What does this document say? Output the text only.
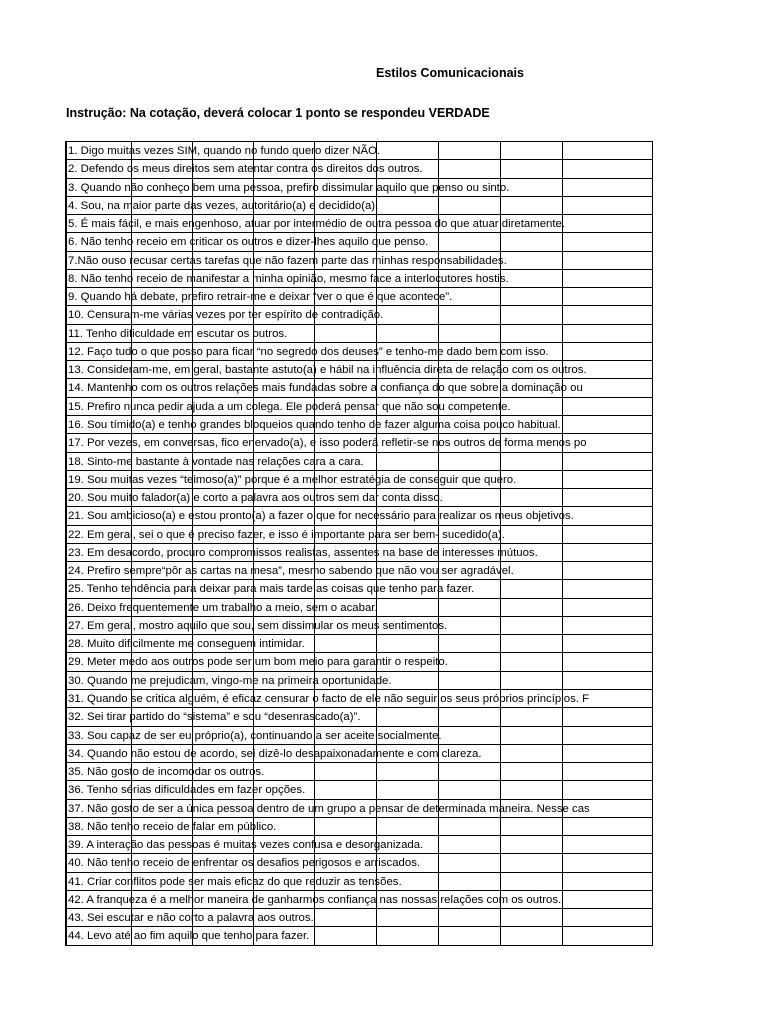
Estilos Comunicacionais
Instrução: Na cotação, deverá colocar 1 ponto se respondeu VERDADE
1. Digo muitas vezes SIM, quando no fundo quero dizer NÃO.
2. Defendo os meus direitos sem atentar contra os direitos dos outros.
3. Quando não conheço bem uma pessoa, prefiro dissimular aquilo que penso ou sinto.
4. Sou, na maior parte das vezes, autoritário(a) e decidido(a).
5. É mais fácil, e mais engenhoso, atuar por intermédio de outra pessoa do que atuar diretamente.
6. Não tenho receio em criticar os outros e dizer-lhes aquilo que penso.
7.Não ouso recusar certas tarefas que não fazem parte das minhas responsabilidades.
8. Não tenho receio de manifestar a minha opinião, mesmo face a interlocutores hostis.
9. Quando há debate, prefiro retrair-me e deixar “ver o que é que acontece”.
10. Censuram-me várias vezes por ter espírito de contradição.
11. Tenho dificuldade em escutar os outros.
12. Faço tudo o que posso para ficar “no segredo dos deuses” e tenho-me dado bem com isso.
13. Consideram-me, em geral, bastante astuto(a) e hábil na influência direta de relação com os outros.
14. Mantenho com os outros relações mais fundadas sobre a confiança do que sobre a dominação ou
15. Prefiro nunca pedir ajuda a um colega. Ele poderá pensar que não sou competente.
16. Sou tímido(a) e tenho grandes bloqueios quando tenho de fazer alguma coisa pouco habitual.
17. Por vezes, em conversas, fico enervado(a), e isso poderá refletir-se nos outros de forma menos po
18. Sinto-me bastante à vontade nas relações cara a cara.
19. Sou muitas vezes “teimoso(a)” porque é a melhor estratégia de conseguir que quero.
20. Sou muito falador(a) e corto a palavra aos outros sem dar conta disso.
21. Sou ambicioso(a) e estou pronto(a) a fazer o que for necessário para realizar os meus objetivos.
22. Em geral, sei o que é preciso fazer, e isso é importante para ser bem- sucedido(a).
23. Em desacordo, procuro compromissos realistas, assentes na base de interesses mútuos.
24. Prefiro sempre“pôr as cartas na mesa”, mesmo sabendo que não vou ser agradável.
25. Tenho tendência para deixar para mais tarde as coisas que tenho para fazer.
26. Deixo frequentemente um trabalho a meio, sem o acabar.
27. Em geral, mostro aquilo que sou, sem dissimular os meus sentimentos.
28. Muito dificilmente me conseguem intimidar.
29. Meter medo aos outros pode ser um bom meio para garantir o respeito.
30. Quando me prejudicam, vingo-me na primeira oportunidade.
31. Quando se critica alguém, é eficaz censurar o facto de ele não seguir os seus próprios princípios. F
32. Sei tirar partido do “sistema” e sou “desenrascado(a)”.
33. Sou capaz de ser eu próprio(a), continuando a ser aceite socialmente.
34. Quando não estou de acordo, sei dizê-lo desapaixonadamente e com clareza.
35. Não gosto de incomodar os outros.
36. Tenho sérias dificuldades em fazer opções.
37. Não gosto de ser a única pessoa dentro de um grupo a pensar de determinada maneira. Nesse cas
38. Não tenho receio de falar em público.
39. A interação das pessoas é muitas vezes confusa e desorganizada.
40. Não tenho receio de enfrentar os desafios perigosos e arriscados.
41. Criar conflitos pode ser mais eficaz do que reduzir as tensões.
42. A franqueza é a melhor maneira de ganharmos confiança nas nossas relações com os outros.
43. Sei escutar e não corto a palavra aos outros.
44. Levo até ao fim aquilo que tenho para fazer.
